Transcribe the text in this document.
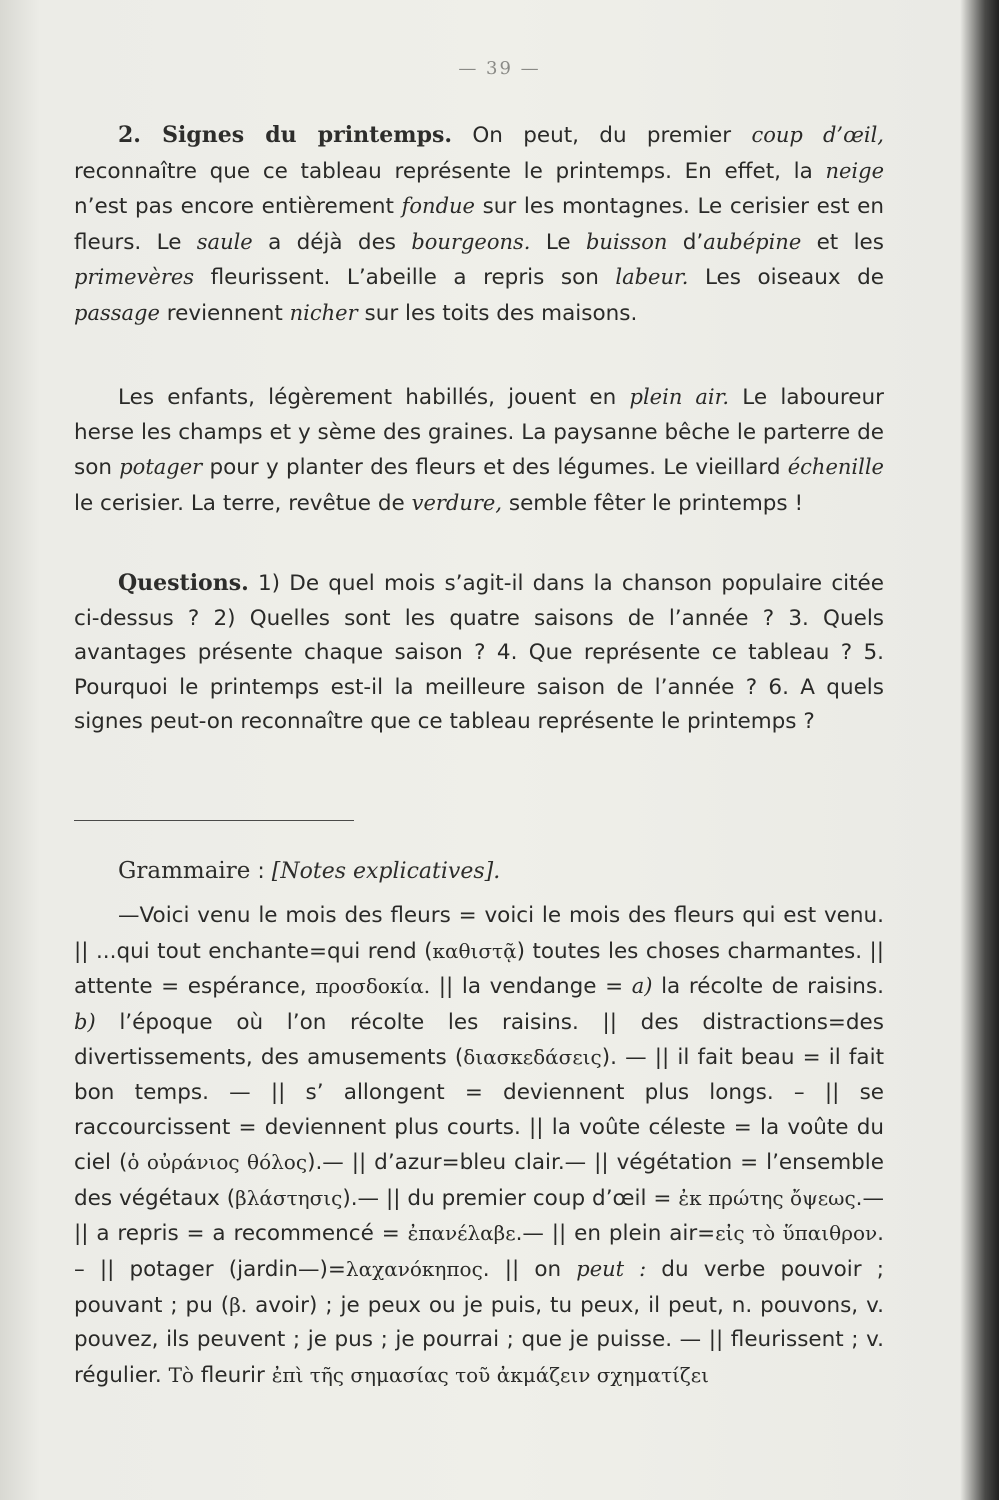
— 39 —

2. Signes du printemps. On peut, du premier coup d’œil, reconnaître que ce tableau représente le printemps. En effet, la neige n’est pas encore entièrement fondue sur les montagnes. Le cerisier est en fleurs. Le saule a déjà des bourgeons. Le buisson d’aubépine et les primevères fleurissent. L’abeille a repris son labeur. Les oiseaux de passage reviennent nicher sur les toits des maisons.

Les enfants, légèrement habillés, jouent en plein air. Le laboureur herse les champs et y sème des graines. La paysanne bêche le parterre de son potager pour y planter des fleurs et des légumes. Le vieillard échenille le cerisier. La terre, revêtue de verdure, semble fêter le printemps !

Questions. 1) De quel mois s’agit-il dans la chanson populaire citée ci-dessus ? 2) Quelles sont les quatre saisons de l’année ? 3. Quels avantages présente chaque saison ? 4. Que représente ce tableau ? 5. Pourquoi le printemps est-il la meilleure saison de l’année ? 6. A quels signes peut-on reconnaître que ce tableau représente le printemps ?

Grammaire : [Notes explicatives].

—Voici venu le mois des fleurs = voici le mois des fleurs qui est venu. || ...qui tout enchante=qui rend (καθιστᾷ) toutes les choses charmantes. || attente = espérance, προσδοκία. || la vendange = a) la récolte de raisins. b) l’époque où l’on récolte les raisins. || des distractions=des divertissements, des amusements (διασκεδάσεις). — || il fait beau = il fait bon temps. — || s’ allongent = deviennent plus longs. – || se raccourcissent = deviennent plus courts. || la voûte céleste = la voûte du ciel (ὁ οὐράνιος θόλος).— || d’azur=bleu clair.— || végétation = l’ensemble des végétaux (βλάστησις).— || du premier coup d’œil = ἐκ πρώτης ὄψεως.— || a repris = a recommencé = ἐπανέλαβε.— || en plein air=εἰς τὸ ὕπαιθρον. – || potager (jardin—)=λαχανόκηπος. || on peut : du verbe pouvoir ; pouvant ; pu (β. avoir) ; je peux ou je puis, tu peux, il peut, n. pouvons, v. pouvez, ils peuvent ; je pus ; je pourrai ; que je puisse. — || fleurissent ; v. régulier. Τὸ fleurir ἐπὶ τῆς σημασίας τοῦ ἀκμάζειν σχηματίζει
